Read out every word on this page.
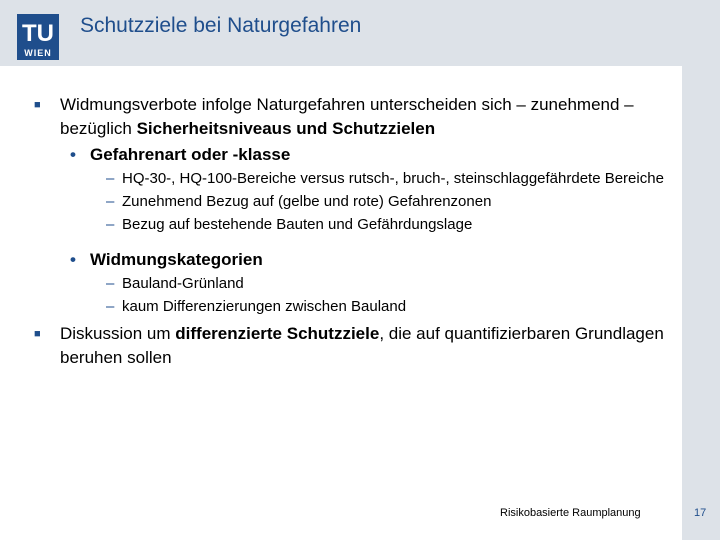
TU
WIEN
Schutzziele bei Naturgefahren
■ Widmungsverbote infolge Naturgefahren unterscheiden sich – zunehmend – bezüglich Sicherheitsniveaus und Schutzzielen
• Gefahrenart oder -klasse
– HQ-30-, HQ-100-Bereiche versus rutsch-, bruch-, steinschlaggefährdete Bereiche
– Zunehmend Bezug auf (gelbe und rote) Gefahrenzonen
– Bezug auf bestehende Bauten und Gefährdungslage
• Widmungskategorien
– Bauland-Grünland
– kaum Differenzierungen zwischen Bauland
■ Diskussion um differenzierte Schutzziele, die auf quantifizierbaren Grundlagen beruhen sollen
Risikobasierte Raumplanung	17
